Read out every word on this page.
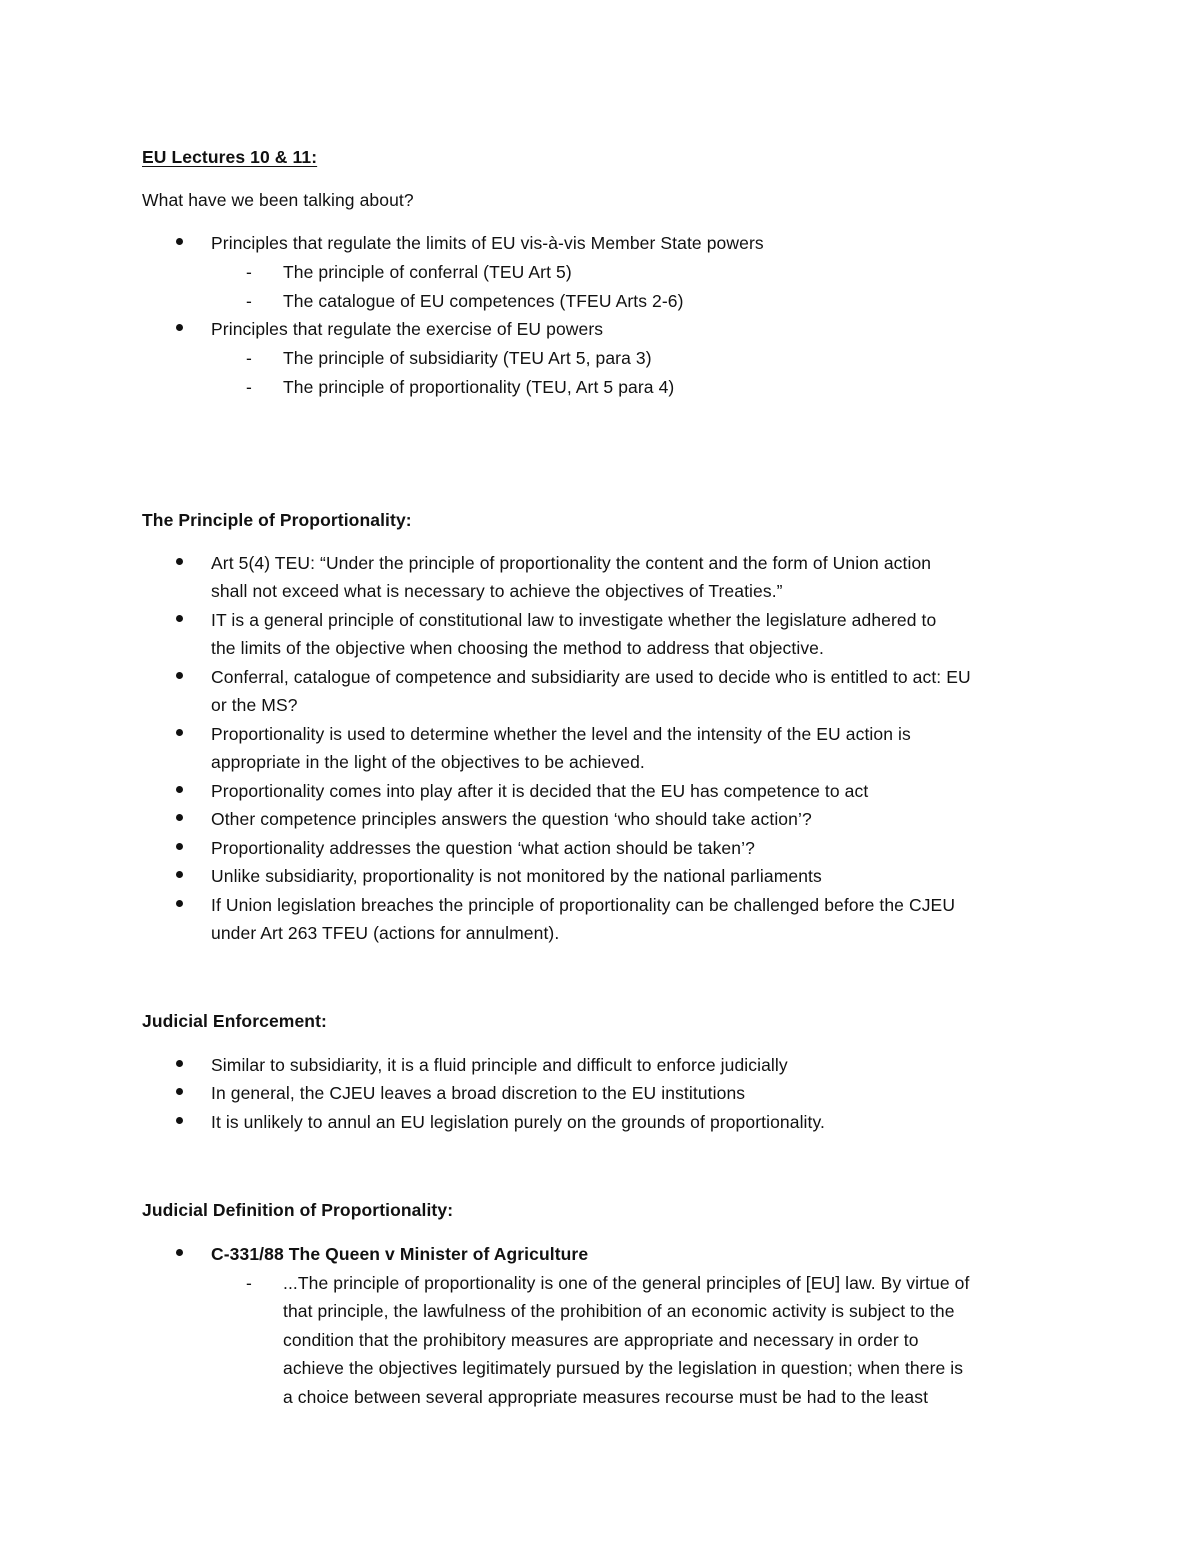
EU Lectures 10 & 11:
What have we been talking about?
Principles that regulate the limits of EU vis-à-vis Member State powers
- The principle of conferral (TEU Art 5)
- The catalogue of EU competences (TFEU Arts 2-6)
Principles that regulate the exercise of EU powers
- The principle of subsidiarity (TEU Art 5, para 3)
- The principle of proportionality (TEU, Art 5 para 4)
The Principle of Proportionality:
Art 5(4) TEU: “Under the principle of proportionality the content and the form of Union action
shall not exceed what is necessary to achieve the objectives of Treaties.”
IT is a general principle of constitutional law to investigate whether the legislature adhered to
the limits of the objective when choosing the method to address that objective.
Conferral, catalogue of competence and subsidiarity are used to decide who is entitled to act: EU
or the MS?
Proportionality is used to determine whether the level and the intensity of the EU action is
appropriate in the light of the objectives to be achieved.
Proportionality comes into play after it is decided that the EU has competence to act
Other competence principles answers the question ‘who should take action’?
Proportionality addresses the question ‘what action should be taken’?
Unlike subsidiarity, proportionality is not monitored by the national parliaments
If Union legislation breaches the principle of proportionality can be challenged before the CJEU
under Art 263 TFEU (actions for annulment).
Judicial Enforcement:
Similar to subsidiarity, it is a fluid principle and difficult to enforce judicially
In general, the CJEU leaves a broad discretion to the EU institutions
It is unlikely to annul an EU legislation purely on the grounds of proportionality.
Judicial Definition of Proportionality:
C-331/88 The Queen v Minister of Agriculture
- ...The principle of proportionality is one of the general principles of [EU] law. By virtue of
that principle, the lawfulness of the prohibition of an economic activity is subject to the
condition that the prohibitory measures are appropriate and necessary in order to
achieve the objectives legitimately pursued by the legislation in question; when there is
a choice between several appropriate measures recourse must be had to the least
